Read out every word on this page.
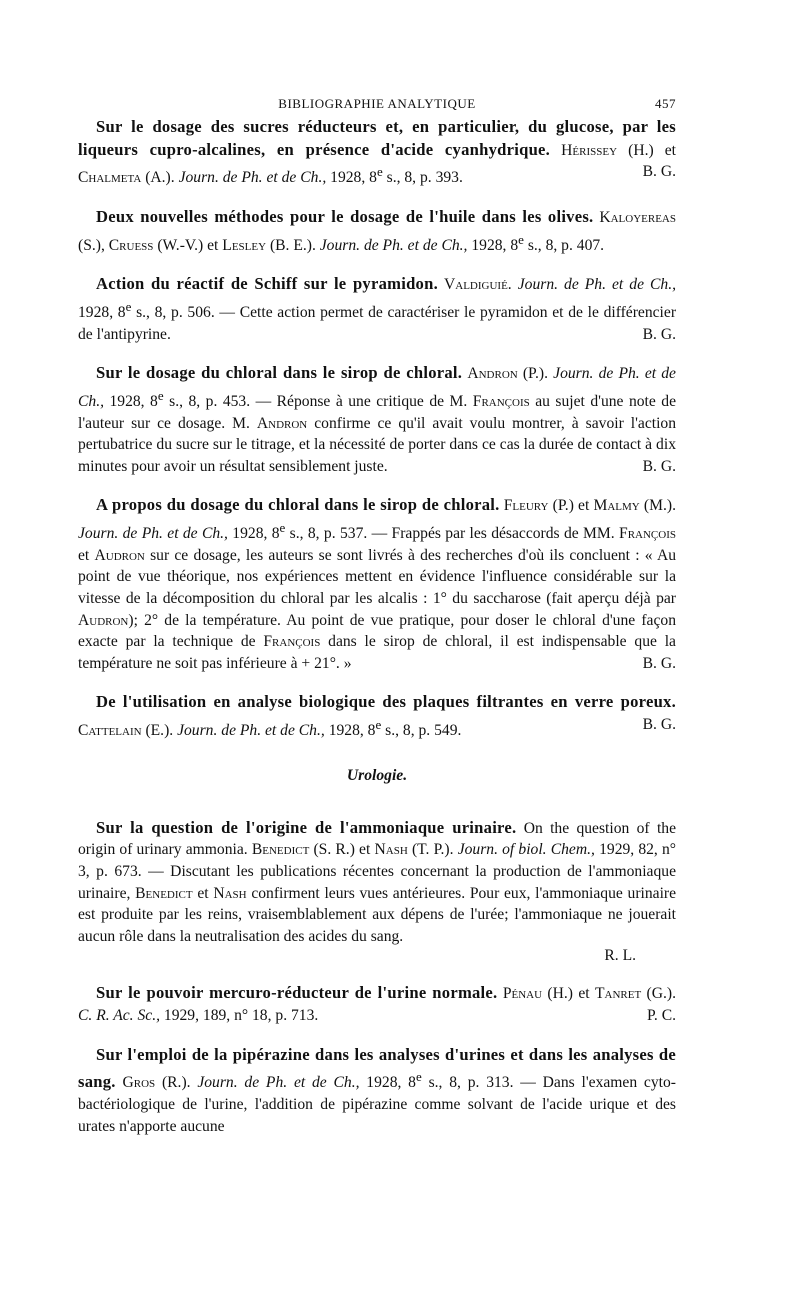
BIBLIOGRAPHIE ANALYTIQUE	457

Sur le dosage des sucres réducteurs et, en particulier, du glucose, par les liqueurs cupro-alcalines, en présence d'acide cyanhydrique. Hérissey (H.) et Chalmeta (A.). Journ. de Ph. et de Ch., 1928, 8e s., 8, p. 393.	B. G.

Deux nouvelles méthodes pour le dosage de l'huile dans les olives. Kaloyereas (S.), Cruess (W.-V.) et Lesley (B. E.). Journ. de Ph. et de Ch., 1928, 8e s., 8, p. 407.

Action du réactif de Schiff sur le pyramidon. Valdiguié. Journ. de Ph. et de Ch., 1928, 8e s., 8, p. 506. — Cette action permet de caractériser le pyramidon et de le différencier de l'antipyrine.	B. G.

Sur le dosage du chloral dans le sirop de chloral. Andron (P.). Journ. de Ph. et de Ch., 1928, 8e s., 8, p. 453. — Réponse à une critique de M. François au sujet d'une note de l'auteur sur ce dosage. M. Andron confirme ce qu'il avait voulu montrer, à savoir l'action pertubatrice du sucre sur le titrage, et la nécessité de porter dans ce cas la durée de contact à dix minutes pour avoir un résultat sensiblement juste.	B. G.

A propos du dosage du chloral dans le sirop de chloral. Fleury (P.) et Malmy (M.). Journ. de Ph. et de Ch., 1928, 8e s., 8, p. 537. — Frappés par les désaccords de MM. François et Audron sur ce dosage, les auteurs se sont livrés à des recherches d'où ils concluent : « Au point de vue théorique, nos expériences mettent en évidence l'influence considérable sur la vitesse de la décomposition du chloral par les alcalis : 1° du saccharose (fait aperçu déjà par Audron); 2° de la température. Au point de vue pratique, pour doser le chloral d'une façon exacte par la technique de François dans le sirop de chloral, il est indispensable que la température ne soit pas inférieure à + 21°. »	B. G.

De l'utilisation en analyse biologique des plaques filtrantes en verre poreux. Cattelain (E.). Journ. de Ph. et de Ch., 1928, 8e s., 8, p. 549.	B. G.

Urologie.

Sur la question de l'origine de l'ammoniaque urinaire. On the question of the origin of urinary ammonia. Benedict (S. R.) et Nash (T. P.). Journ. of biol. Chem., 1929, 82, n° 3, p. 673. — Discutant les publications récentes concernant la production de l'ammoniaque urinaire, Benedict et Nash confirment leurs vues antérieures. Pour eux, l'ammoniaque urinaire est produite par les reins, vraisemblablement aux dépens de l'urée; l'ammoniaque ne jouerait aucun rôle dans la neutralisation des acides du sang.

R. L.

Sur le pouvoir mercuro-réducteur de l'urine normale. Pénau (H.) et Tanret (G.). C. R. Ac. Sc., 1929, 189, n° 18, p. 713.	P. C.

Sur l'emploi de la pipérazine dans les analyses d'urines et dans les analyses de sang. Gros (R.). Journ. de Ph. et de Ch., 1928, 8e s., 8, p. 313. — Dans l'examen cyto-bactériologique de l'urine, l'addition de pipérazine comme solvant de l'acide urique et des urates n'apporte aucune
